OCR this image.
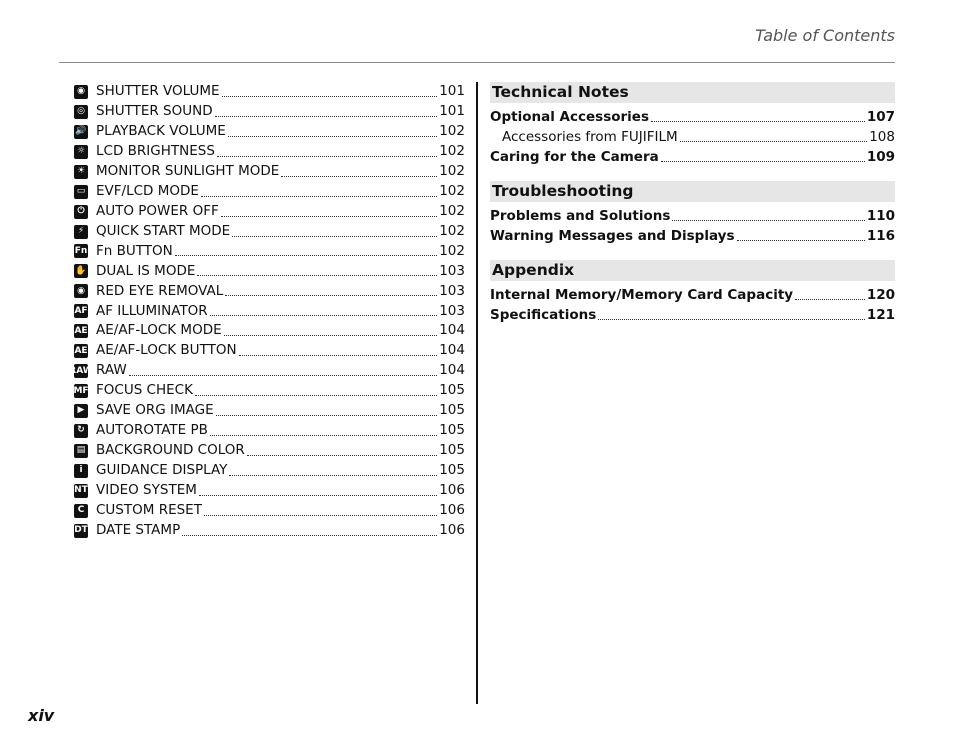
Table of Contents
◉ SHUTTER VOLUME	101
◎ SHUTTER SOUND	101
🔊 PLAYBACK VOLUME	102
☼ LCD BRIGHTNESS	102
☀ MONITOR SUNLIGHT MODE	102
▭ EVF/LCD MODE	102
⏻ AUTO POWER OFF	102
⚡ QUICK START MODE	102
Fn Fn BUTTON	102
✋ DUAL IS MODE	103
◉ RED EYE REMOVAL	103
AF AF ILLUMINATOR	103
AE AE/AF-LOCK MODE	104
AE AE/AF-LOCK BUTTON	104
RAW RAW	104
MF FOCUS CHECK	105
▶ SAVE ORG IMAGE	105
↻ AUTOROTATE PB	105
▤ BACKGROUND COLOR	105
i GUIDANCE DISPLAY	105
NT VIDEO SYSTEM	106
C CUSTOM RESET	106
DT DATE STAMP	106
Technical Notes
Optional Accessories	107
Accessories from FUJIFILM	108
Caring for the Camera	109
Troubleshooting
Problems and Solutions	110
Warning Messages and Displays	116
Appendix
Internal Memory/Memory Card Capacity	120
Specifications	121
xiv
